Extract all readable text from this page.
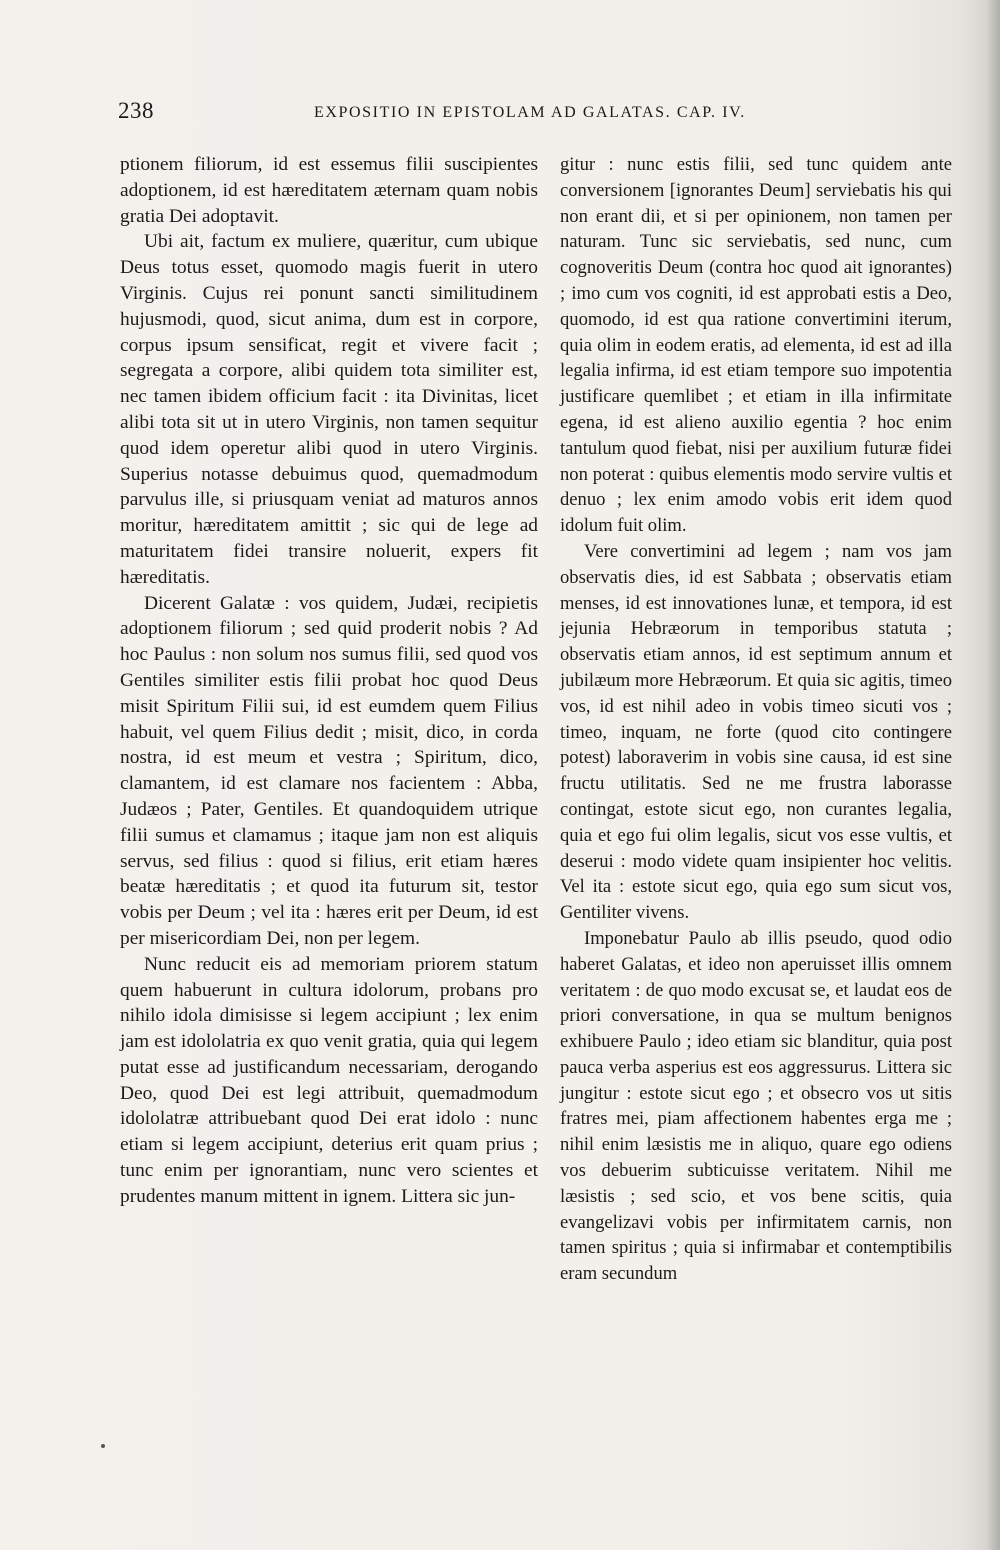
238	EXPOSITIO IN EPISTOLAM AD GALATAS. CAP. IV.

ptionem filiorum, id est essemus filii suscipientes adoptionem, id est hæreditatem æternam quam nobis gratia Dei adoptavit.

Ubi ait, factum ex muliere, quæritur, cum ubique Deus totus esset, quomodo magis fuerit in utero Virginis. Cujus rei ponunt sancti similitudinem hujusmodi, quod, sicut anima, dum est in corpore, corpus ipsum sensificat, regit et vivere facit ; segregata a corpore, alibi quidem tota similiter est, nec tamen ibidem officium facit : ita Divinitas, licet alibi tota sit ut in utero Virginis, non tamen sequitur quod idem operetur alibi quod in utero Virginis. Superius notasse debuimus quod, quemadmodum parvulus ille, si priusquam veniat ad maturos annos moritur, hæreditatem amittit ; sic qui de lege ad maturitatem fidei transire noluerit, expers fit hæreditatis.

Dicerent Galatæ : vos quidem, Judæi, recipietis adoptionem filiorum ; sed quid proderit nobis ? Ad hoc Paulus : non solum nos sumus filii, sed quod vos Gentiles similiter estis filii probat hoc quod Deus misit Spiritum Filii sui, id est eumdem quem Filius habuit, vel quem Filius dedit ; misit, dico, in corda nostra, id est meum et vestra ; Spiritum, dico, clamantem, id est clamare nos facientem : Abba, Judæos ; Pater, Gentiles. Et quandoquidem utrique filii sumus et clamamus ; itaque jam non est aliquis servus, sed filius : quod si filius, erit etiam hæres beatæ hæreditatis ; et quod ita futurum sit, testor vobis per Deum ; vel ita : hæres erit per Deum, id est per misericordiam Dei, non per legem.

Nunc reducit eis ad memoriam priorem statum quem habuerunt in cultura idolorum, probans pro nihilo idola dimisisse si legem accipiunt ; lex enim jam est idololatria ex quo venit gratia, quia qui legem putat esse ad justificandum necessariam, derogando Deo, quod Dei est legi attribuit, quemadmodum idololatræ attribuebant quod Dei erat idolo : nunc etiam si legem accipiunt, deterius erit quam prius ; tunc enim per ignorantiam, nunc vero scientes et prudentes manum mittent in ignem. Littera sic jun-

gitur : nunc estis filii, sed tunc quidem ante conversionem [ignorantes Deum] serviebatis his qui non erant dii, et si per opinionem, non tamen per naturam. Tunc sic serviebatis, sed nunc, cum cognoveritis Deum (contra hoc quod ait ignorantes) ; imo cum vos cogniti, id est approbati estis a Deo, quomodo, id est qua ratione convertimini iterum, quia olim in eodem eratis, ad elementa, id est ad illa legalia infirma, id est etiam tempore suo impotentia justificare quemlibet ; et etiam in illa infirmitate egena, id est alieno auxilio egentia ? hoc enim tantulum quod fiebat, nisi per auxilium futuræ fidei non poterat : quibus elementis modo servire vultis et denuo ; lex enim amodo vobis erit idem quod idolum fuit olim.

Vere convertimini ad legem ; nam vos jam observatis dies, id est Sabbata ; observatis etiam menses, id est innovationes lunæ, et tempora, id est jejunia Hebræorum in temporibus statuta ; observatis etiam annos, id est septimum annum et jubilæum more Hebræorum. Et quia sic agitis, timeo vos, id est nihil adeo in vobis timeo sicuti vos ; timeo, inquam, ne forte (quod cito contingere potest) laboraverim in vobis sine causa, id est sine fructu utilitatis. Sed ne me frustra laborasse contingat, estote sicut ego, non curantes legalia, quia et ego fui olim legalis, sicut vos esse vultis, et deserui : modo videte quam insipienter hoc velitis. Vel ita : estote sicut ego, quia ego sum sicut vos, Gentiliter vivens.

Imponebatur Paulo ab illis pseudo, quod odio haberet Galatas, et ideo non aperuisset illis omnem veritatem : de quo modo excusat se, et laudat eos de priori conversatione, in qua se multum benignos exhibuere Paulo ; ideo etiam sic blanditur, quia post pauca verba asperius est eos aggressurus. Littera sic jungitur : estote sicut ego ; et obsecro vos ut sitis fratres mei, piam affectionem habentes erga me ; nihil enim læsistis me in aliquo, quare ego odiens vos debuerim subticuisse veritatem. Nihil me læsistis ; sed scio, et vos bene scitis, quia evangelizavi vobis per infirmitatem carnis, non tamen spiritus ; quia si infirmabar et contemptibilis eram secundum
